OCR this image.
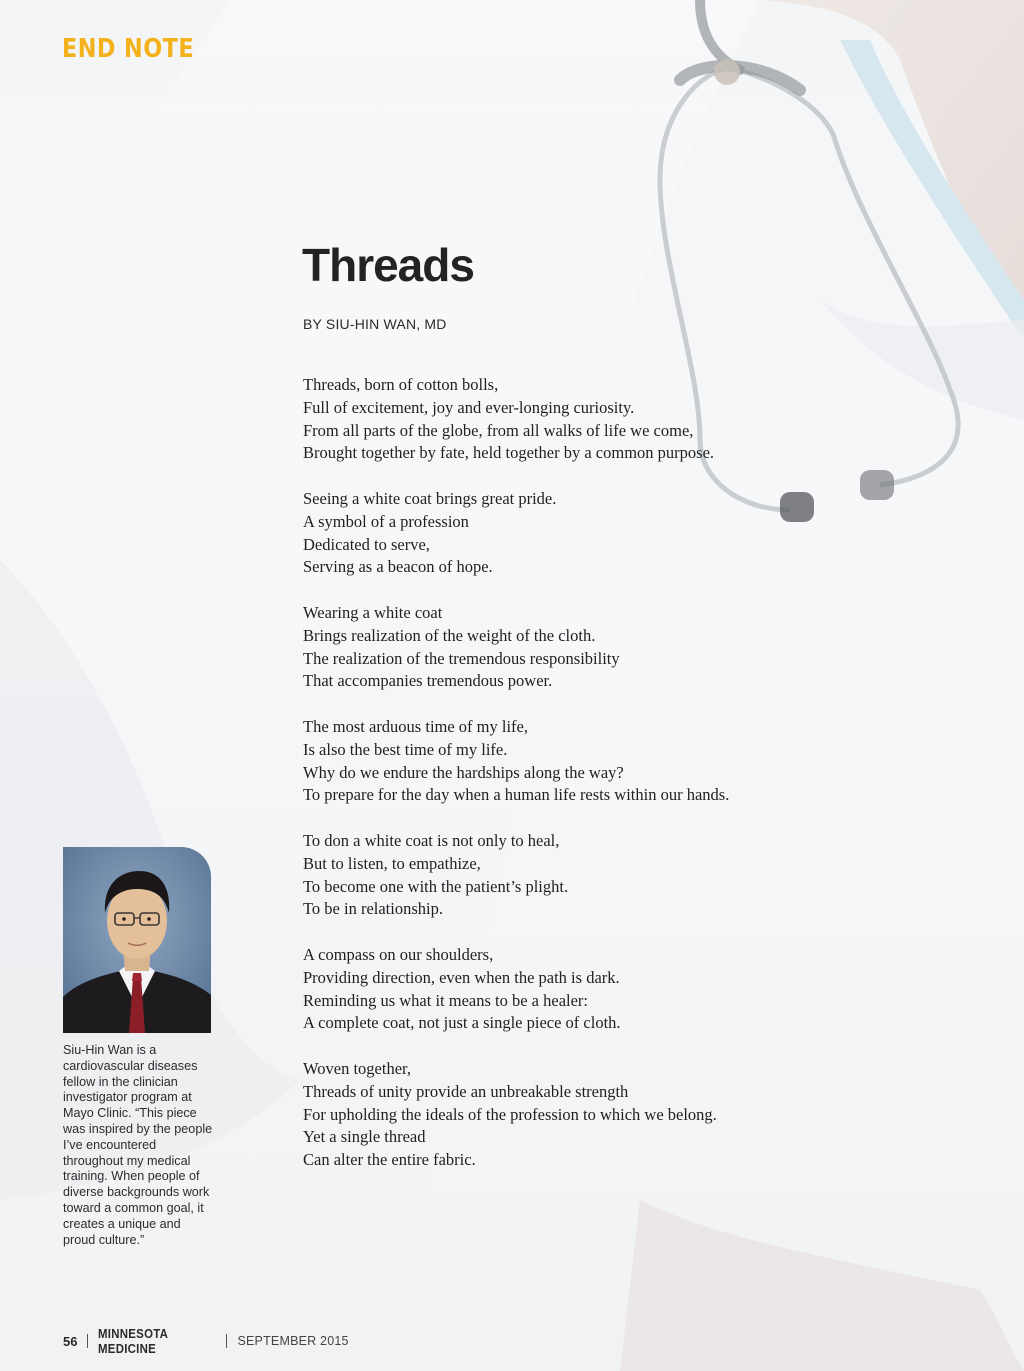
END NOTE
Threads

BY SIU-HIN WAN, MD

Threads, born of cotton bolls,
Full of excitement, joy and ever-longing curiosity.
From all parts of the globe, from all walks of life we come,
Brought together by fate, held together by a common purpose.

Seeing a white coat brings great pride.
A symbol of a profession
Dedicated to serve,
Serving as a beacon of hope.

Wearing a white coat
Brings realization of the weight of the cloth.
The realization of the tremendous responsibility
That accompanies tremendous power.

The most arduous time of my life,
Is also the best time of my life.
Why do we endure the hardships along the way?
To prepare for the day when a human life rests within our hands.

To don a white coat is not only to heal,
But to listen, to empathize,
To become one with the patient’s plight.
To be in relationship.

A compass on our shoulders,
Providing direction, even when the path is dark.
Reminding us what it means to be a healer:
A complete coat, not just a single piece of cloth.

Woven together,
Threads of unity provide an unbreakable strength
For upholding the ideals of the profession to which we belong.
Yet a single thread
Can alter the entire fabric.

Siu-Hin Wan is a cardiovascular diseases fellow in the clinician investigator program at Mayo Clinic. “This piece was inspired by the people I’ve encountered throughout my medical training. When people of diverse backgrounds work toward a common goal, it creates a unique and proud culture.”

56 MINNESOTA MEDICINE	SEPTEMBER 2015
